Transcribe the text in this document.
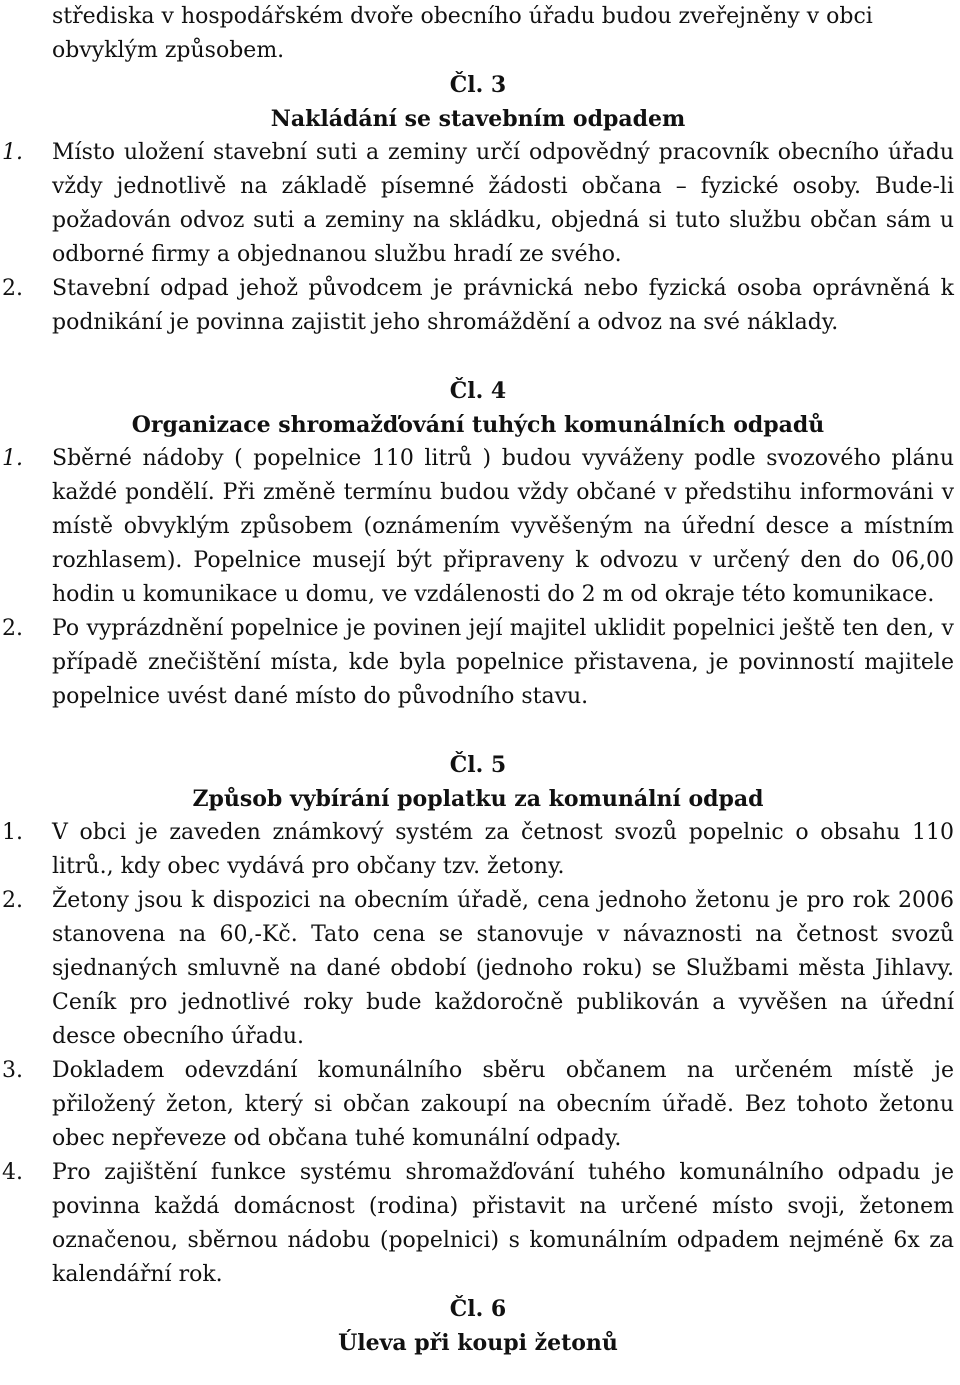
střediska v hospodářském dvoře obecního úřadu budou zveřejněny v obci

obvyklým způsobem.

Čl. 3

Nakládání se stavebním odpadem

1.	Místo uložení stavební suti a zeminy určí odpovědný pracovník obecního úřadu vždy jednotlivě na základě písemné žádosti občana – fyzické osoby. Bude-li požadován odvoz suti a zeminy na skládku, objedná si tuto službu občan sám u odborné firmy a objednanou službu hradí ze svého.
2.	Stavební odpad jehož původcem je právnická nebo fyzická osoba oprávněná k podnikání je povinna zajistit jeho shromáždění a odvoz na své náklady.

Čl. 4

Organizace shromažďování tuhých komunálních odpadů

1.	Sběrné nádoby ( popelnice 110 litrů ) budou vyváženy podle svozového plánu každé pondělí. Při změně termínu budou vždy občané v předstihu informováni v místě obvyklým způsobem (oznámením vyvěšeným na úřední desce a místním rozhlasem). Popelnice musejí být připraveny k odvozu v určený den do 06,00 hodin u komunikace u domu, ve vzdálenosti do 2 m od okraje této komunikace.
2.	Po vyprázdnění popelnice je povinen její majitel uklidit popelnici ještě ten den, v případě znečištění místa, kde byla popelnice přistavena, je povinností majitele popelnice uvést dané místo do původního stavu.

Čl. 5

Způsob vybírání poplatku za komunální odpad

1.	V obci je zaveden známkový systém za četnost svozů popelnic o obsahu 110 litrů., kdy obec vydává pro občany tzv. žetony.
2.	Žetony jsou k dispozici na obecním úřadě, cena jednoho žetonu je pro rok 2006 stanovena na 60,-Kč. Tato cena se stanovuje v návaznosti na četnost svozů sjednaných smluvně na dané období (jednoho roku) se Službami města Jihlavy. Ceník pro jednotlivé roky bude každoročně publikován a vyvěšen na úřední desce obecního úřadu.
3.	Dokladem odevzdání komunálního sběru občanem na určeném místě je přiložený žeton, který si občan zakoupí na obecním úřadě. Bez tohoto žetonu obec nepřeveze od občana tuhé komunální odpady.
4.	Pro zajištění funkce systému shromažďování tuhého komunálního odpadu je povinna každá domácnost (rodina) přistavit na určené místo svoji, žetonem označenou, sběrnou nádobu (popelnici) s komunálním odpadem nejméně 6x za kalendářní rok.

Čl. 6

Úleva při koupi žetonů
